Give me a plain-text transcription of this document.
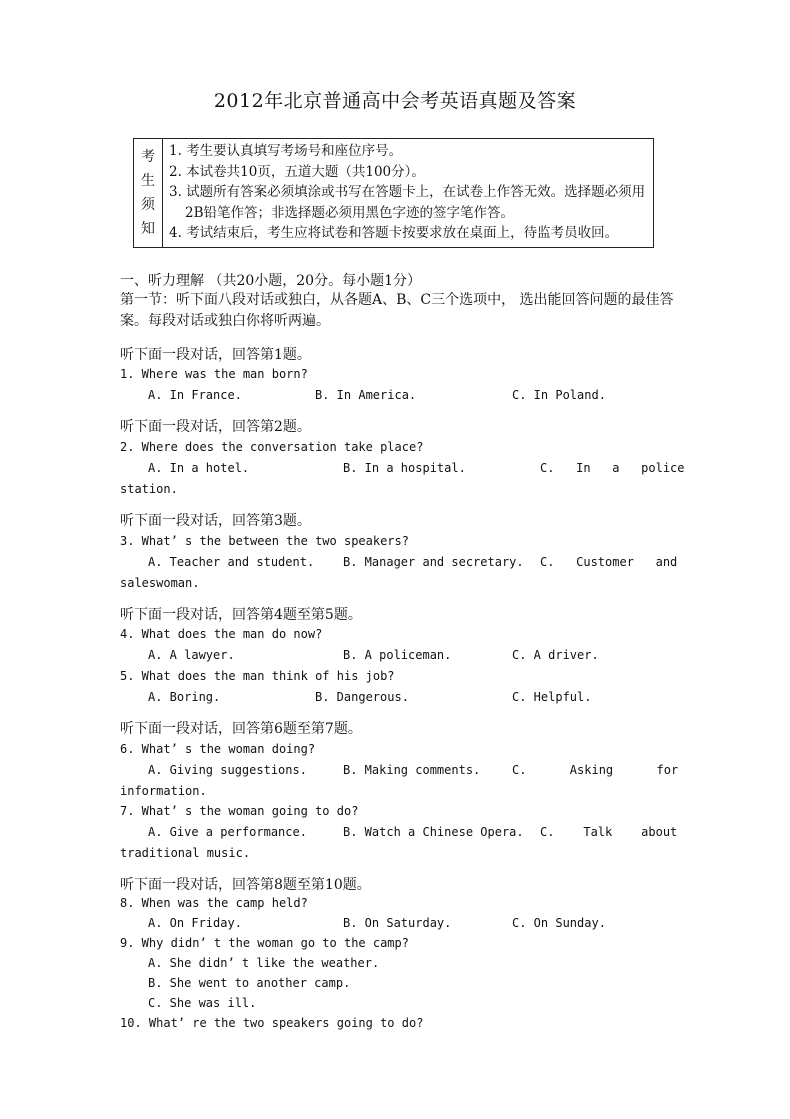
2012年北京普通高中会考英语真题及答案
考
生
须
知

1. 考生要认真填写考场号和座位序号。
2. 本试卷共10页，五道大题（共100分）。
3. 试题所有答案必须填涂或书写在答题卡上，在试卷上作答无效。选择题必须用2B铅笔作答；非选择题必须用黑色字迹的签字笔作答。
4. 考试结束后，考生应将试卷和答题卡按要求放在桌面上，待监考员收回。
一、听力理解 （共20小题，20分。每小题1分）
第一节：听下面八段对话或独白，从各题A、B、C三个选项中， 选出能回答问题的最佳答案。每段对话或独白你将听两遍。
听下面一段对话，回答第1题。
1. Where was the man born?
A. In France.	B. In America.	C. In Poland.
听下面一段对话，回答第2题。
2. Where does the conversation take place?
A. In a hotel.	B. In a hospital.	C.   In   a   police
station.
听下面一段对话，回答第3题。
3. What’ s the between the two speakers?
A. Teacher and student. B. Manager and secretary. C.   Customer   and
saleswoman.
听下面一段对话，回答第4题至第5题。
4. What does the man do now?
A. A lawyer.	B. A policeman.	C. A driver.
5. What does the man think of his job?
A. Boring.	B. Dangerous.	C. Helpful.
听下面一段对话，回答第6题至第7题。
6. What’ s the woman doing?
A. Giving suggestions.	B. Making comments.	C.      Asking      for
information.
7. What’ s the woman going to do?
A. Give a performance.	B. Watch a Chinese Opera. C.    Talk    about
traditional music.
听下面一段对话，回答第8题至第10题。
8. When was the camp held?
A. On Friday.	B. On Saturday.	C. On Sunday.
9. Why didn’ t the woman go to the camp?
A. She didn’ t like the weather.
B. She went to another camp.
C. She was ill.
10. What’ re the two speakers going to do?
